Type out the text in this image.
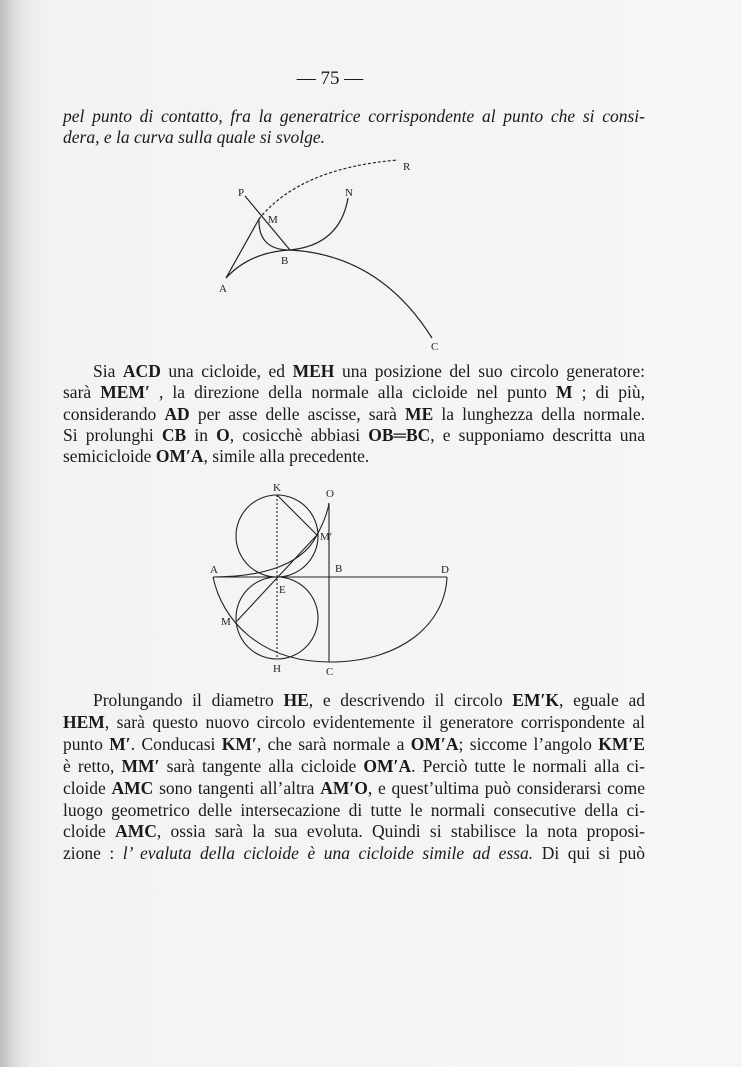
— 75 —
pel punto di contatto, fra la generatrice corrispondente al punto che si consi-
dera, e la curva sulla quale si svolge.
P	N
R
M
B
A
C
K	O
M′
A	B	D
E
M
H	C
Sia ACD una cicloide, ed MEH una posizione del suo circolo generatore:
sarà MEM′ , la direzione della normale alla cicloide nel punto M ; di più,
considerando AD per asse delle ascisse, sarà ME la lunghezza della normale.
Si prolunghi CB in O, cosicchè abbiasi OB═BC, e supponiamo descritta una
semicicloide OM′A, simile alla precedente.
Prolungando il diametro HE, e descrivendo il circolo EM′K, eguale ad
HEM, sarà questo nuovo circolo evidentemente il generatore corrispondente al
punto M′. Conducasi KM′, che sarà normale a OM′A; siccome l’angolo KM′E
è retto, MM′ sarà tangente alla cicloide OM′A. Perciò tutte le normali alla ci-
cloide AMC sono tangenti all’altra AM′O, e quest’ultima può considerarsi come
luogo geometrico delle intersecazione di tutte le normali consecutive della ci-
cloide AMC, ossia sarà la sua evoluta. Quindi si stabilisce la nota proposi-
zione : l’ evaluta della cicloide è una cicloide simile ad essa. Di qui si può
